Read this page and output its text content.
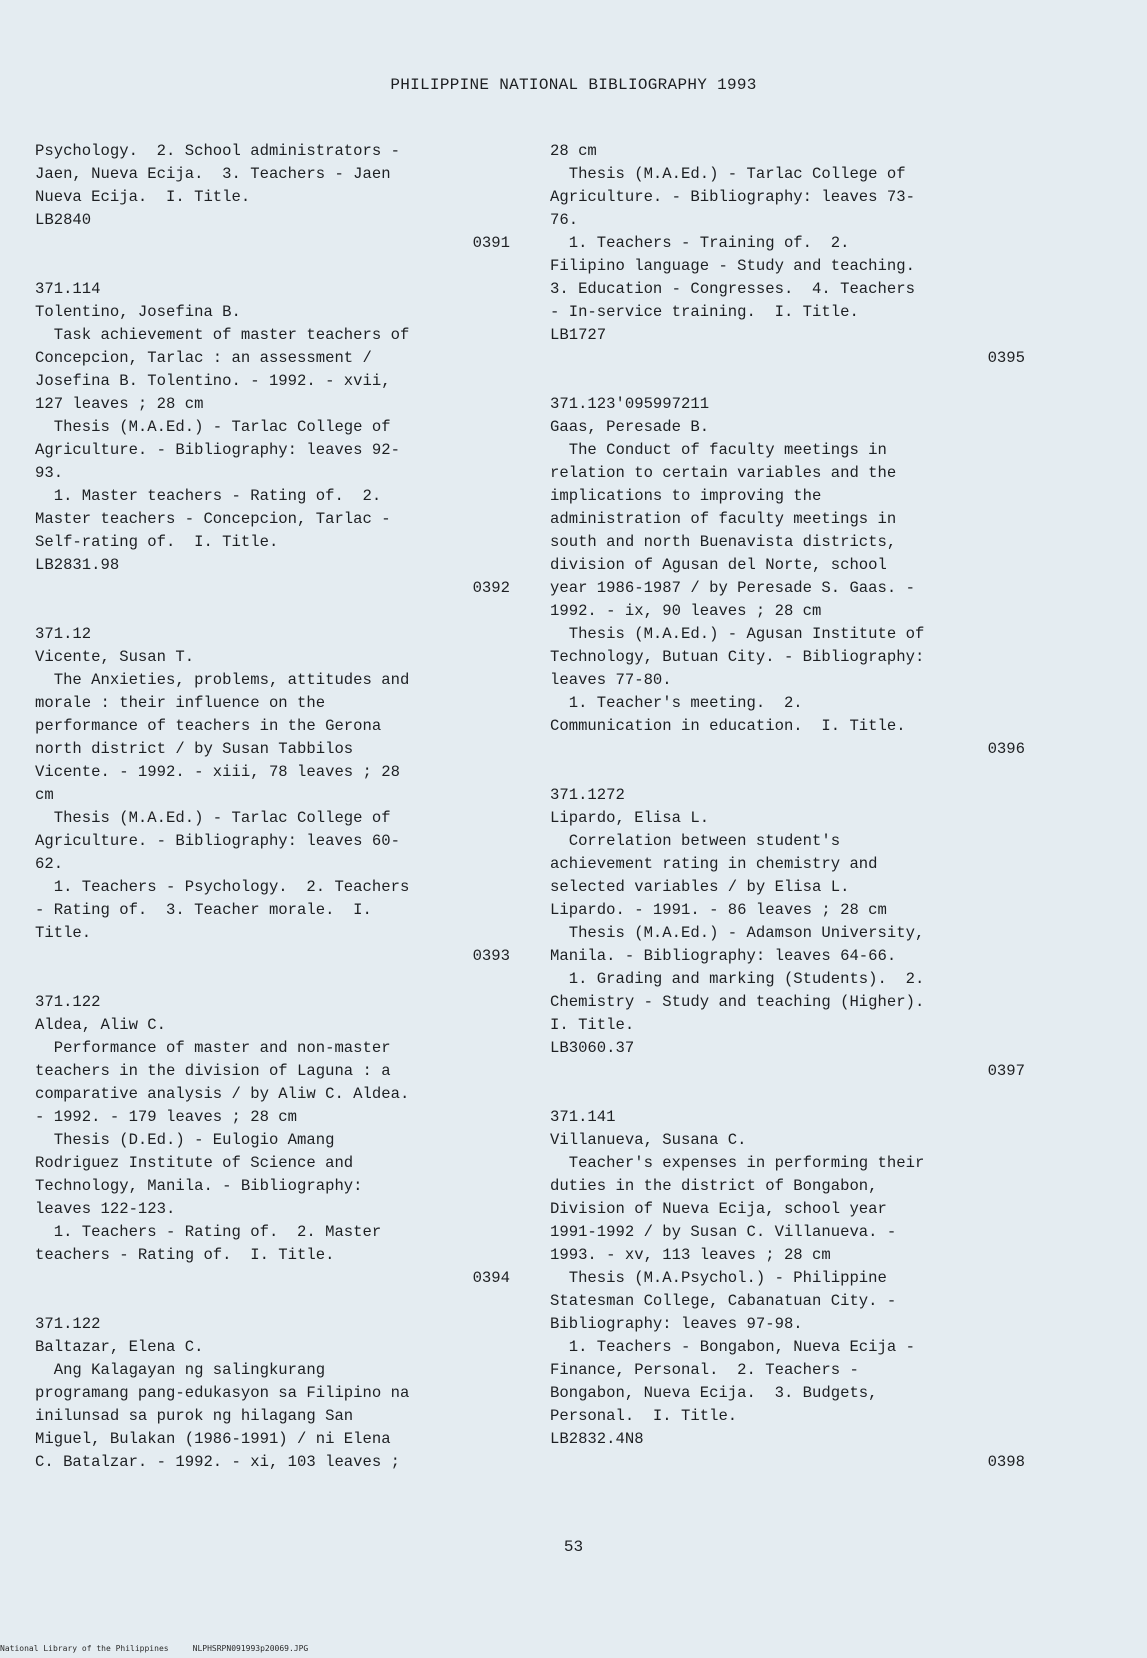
PHILIPPINE NATIONAL BIBLIOGRAPHY 1993
Psychology.  2. School administrators -
Jaen, Nueva Ecija.  3. Teachers - Jaen
Nueva Ecija.  I. Title.
LB2840
0391
371.114
Tolentino, Josefina B.
Task achievement of master teachers of
Concepcion, Tarlac : an assessment /
Josefina B. Tolentino. - 1992. - xvii,
127 leaves ; 28 cm
Thesis (M.A.Ed.) - Tarlac College of
Agriculture. - Bibliography: leaves 92-
93.
1. Master teachers - Rating of.  2.
Master teachers - Concepcion, Tarlac -
Self-rating of.  I. Title.
LB2831.98
0392
371.12
Vicente, Susan T.
The Anxieties, problems, attitudes and
morale : their influence on the
performance of teachers in the Gerona
north district / by Susan Tabbilos
Vicente. - 1992. - xiii, 78 leaves ; 28
cm
Thesis (M.A.Ed.) - Tarlac College of
Agriculture. - Bibliography: leaves 60-
62.
1. Teachers - Psychology.  2. Teachers
- Rating of.  3. Teacher morale.  I.
Title.
0393
371.122
Aldea, Aliw C.
Performance of master and non-master
teachers in the division of Laguna : a
comparative analysis / by Aliw C. Aldea.
- 1992. - 179 leaves ; 28 cm
Thesis (D.Ed.) - Eulogio Amang
Rodriguez Institute of Science and
Technology, Manila. - Bibliography:
leaves 122-123.
1. Teachers - Rating of.  2. Master
teachers - Rating of.  I. Title.
0394
371.122
Baltazar, Elena C.
Ang Kalagayan ng salingkurang
programang pang-edukasyon sa Filipino na
inilunsad sa purok ng hilagang San
Miguel, Bulakan (1986-1991) / ni Elena
C. Batalzar. - 1992. - xi, 103 leaves ;
28 cm
Thesis (M.A.Ed.) - Tarlac College of
Agriculture. - Bibliography: leaves 73-
76.
1. Teachers - Training of.  2.
Filipino language - Study and teaching.
3. Education - Congresses.  4. Teachers
- In-service training.  I. Title.
LB1727
0395
371.123'095997211
Gaas, Peresade B.
The Conduct of faculty meetings in
relation to certain variables and the
implications to improving the
administration of faculty meetings in
south and north Buenavista districts,
division of Agusan del Norte, school
year 1986-1987 / by Peresade S. Gaas. -
1992. - ix, 90 leaves ; 28 cm
Thesis (M.A.Ed.) - Agusan Institute of
Technology, Butuan City. - Bibliography:
leaves 77-80.
1. Teacher's meeting.  2.
Communication in education.  I. Title.
0396
371.1272
Lipardo, Elisa L.
Correlation between student's
achievement rating in chemistry and
selected variables / by Elisa L.
Lipardo. - 1991. - 86 leaves ; 28 cm
Thesis (M.A.Ed.) - Adamson University,
Manila. - Bibliography: leaves 64-66.
1. Grading and marking (Students).  2.
Chemistry - Study and teaching (Higher).
I. Title.
LB3060.37
0397
371.141
Villanueva, Susana C.
Teacher's expenses in performing their
duties in the district of Bongabon,
Division of Nueva Ecija, school year
1991-1992 / by Susan C. Villanueva. -
1993. - xv, 113 leaves ; 28 cm
Thesis (M.A.Psychol.) - Philippine
Statesman College, Cabanatuan City. -
Bibliography: leaves 97-98.
1. Teachers - Bongabon, Nueva Ecija -
Finance, Personal.  2. Teachers -
Bongabon, Nueva Ecija.  3. Budgets,
Personal.  I. Title.
LB2832.4N8
0398
53
National Library of the Philippines     NLPHSRPN091993p20069.JPG
